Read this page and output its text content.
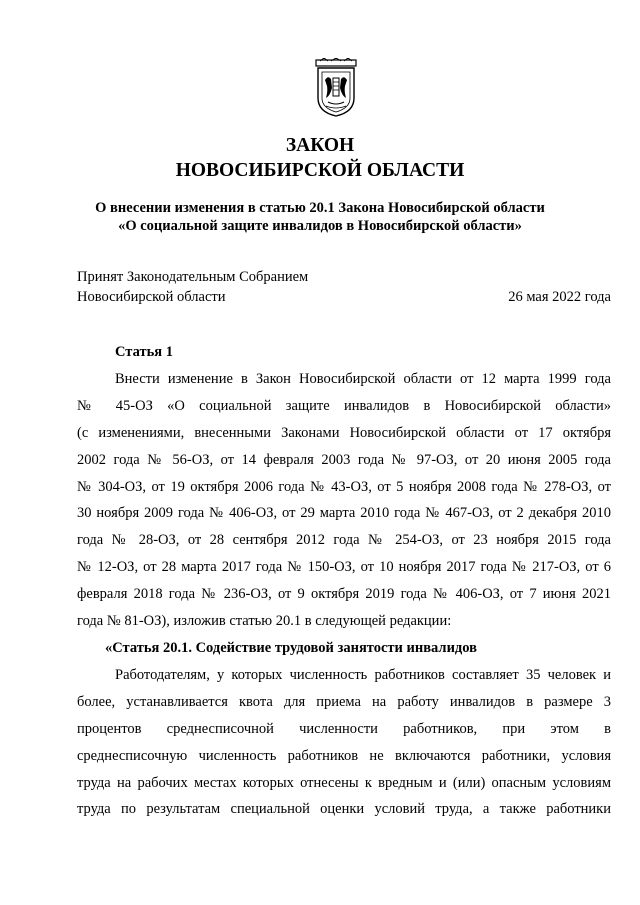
ЗАКОН
НОВОСИБИРСКОЙ ОБЛАСТИ
О внесении изменения в статью 20.1 Закона Новосибирской области
«О социальной защите инвалидов в Новосибирской области»
Принят Законодательным Собранием
Новосибирской области	26 мая 2022 года

Статья 1

Внести изменение в Закон Новосибирской области от 12 марта 1999 года
№ 45-ОЗ «О социальной защите инвалидов в Новосибирской области»
(с изменениями, внесенными Законами Новосибирской области от 17 октября
2002 года № 56-ОЗ, от 14 февраля 2003 года № 97-ОЗ, от 20 июня 2005 года
№ 304-ОЗ, от 19 октября 2006 года № 43-ОЗ, от 5 ноября 2008 года № 278-ОЗ, от
30 ноября 2009 года № 406-ОЗ, от 29 марта 2010 года № 467-ОЗ, от 2 декабря 2010
года № 28-ОЗ, от 28 сентября 2012 года № 254-ОЗ, от 23 ноября 2015 года
№ 12-ОЗ, от 28 марта 2017 года № 150-ОЗ, от 10 ноября 2017 года № 217-ОЗ, от 6
февраля 2018 года № 236-ОЗ, от 9 октября 2019 года № 406-ОЗ, от 7 июня 2021
года № 81-ОЗ), изложив статью 20.1 в следующей редакции:

«Статья 20.1. Содействие трудовой занятости инвалидов

Работодателям, у которых численность работников составляет 35 человек и
более, устанавливается квота для приема на работу инвалидов в размере 3
процентов среднесписочной численности работников, при этом в
среднесписочную численность работников не включаются работники, условия
труда на рабочих местах которых отнесены к вредным и (или) опасным условиям
труда по результатам специальной оценки условий труда, а также работники
